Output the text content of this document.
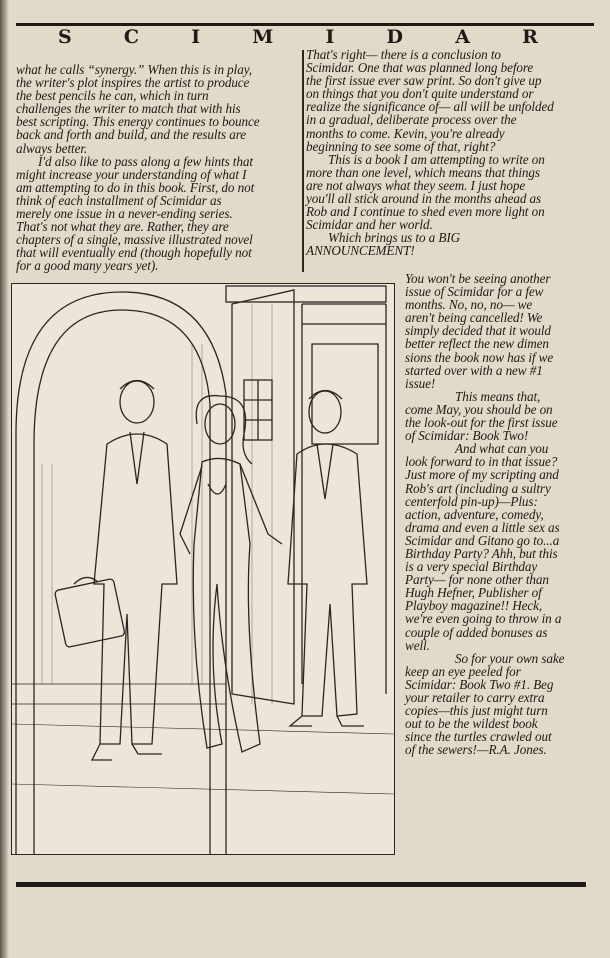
S	C	I	M	I	D	A	R
what he calls “synergy.” When this is in play,
the writer's plot inspires the artist to produce
the best pencils he can, which in turn
challenges the writer to match that with his
best scripting. This energy continues to bounce
back and forth and build, and the results are
always better.
I'd also like to pass along a few hints that
might increase your understanding of what I
am attempting to do in this book. First, do not
think of each installment of Scimidar as
merely one issue in a never-ending series.
That's not what they are. Rather, they are
chapters of a single, massive illustrated novel
that will eventually end (though hopefully not
for a good many years yet).
That's right— there is a conclusion to
Scimidar. One that was planned long before
the first issue ever saw print. So don't give up
on things that you don't quite understand or
realize the significance of— all will be unfolded
in a gradual, deliberate process over the
months to come. Kevin, you're already
beginning to see some of that, right?
This is a book I am attempting to write on
more than one level, which means that things
are not always what they seem. I just hope
you'll all stick around in the months ahead as
Rob and I continue to shed even more light on
Scimidar and her world.
Which brings us to a BIG
ANNOUNCEMENT!
You won't be seeing another
issue of Scimidar for a few
months. No, no, no— we
aren't being cancelled! We
simply decided that it would
better reflect the new dimen
sions the book now has if we
started over with a new #1
issue!
This means that,
come May, you should be on
the look-out for the first issue
of Scimidar: Book Two!
And what can you
look forward to in that issue?
Just more of my scripting and
Rob's art (including a sultry
centerfold pin-up)—Plus:
action, adventure, comedy,
drama and even a little sex as
Scimidar and Gitano go to...a
Birthday Party? Ahh, but this
is a very special Birthday
Party— for none other than
Hugh Hefner, Publisher of
Playboy magazine!! Heck,
we're even going to throw in a
couple of added bonuses as
well.
So for your own sake
keep an eye peeled for
Scimidar: Book Two #1. Beg
your retailer to carry extra
copies—this just might turn
out to be the wildest book
since the turtles crawled out
of the sewers!—R.A. Jones.
